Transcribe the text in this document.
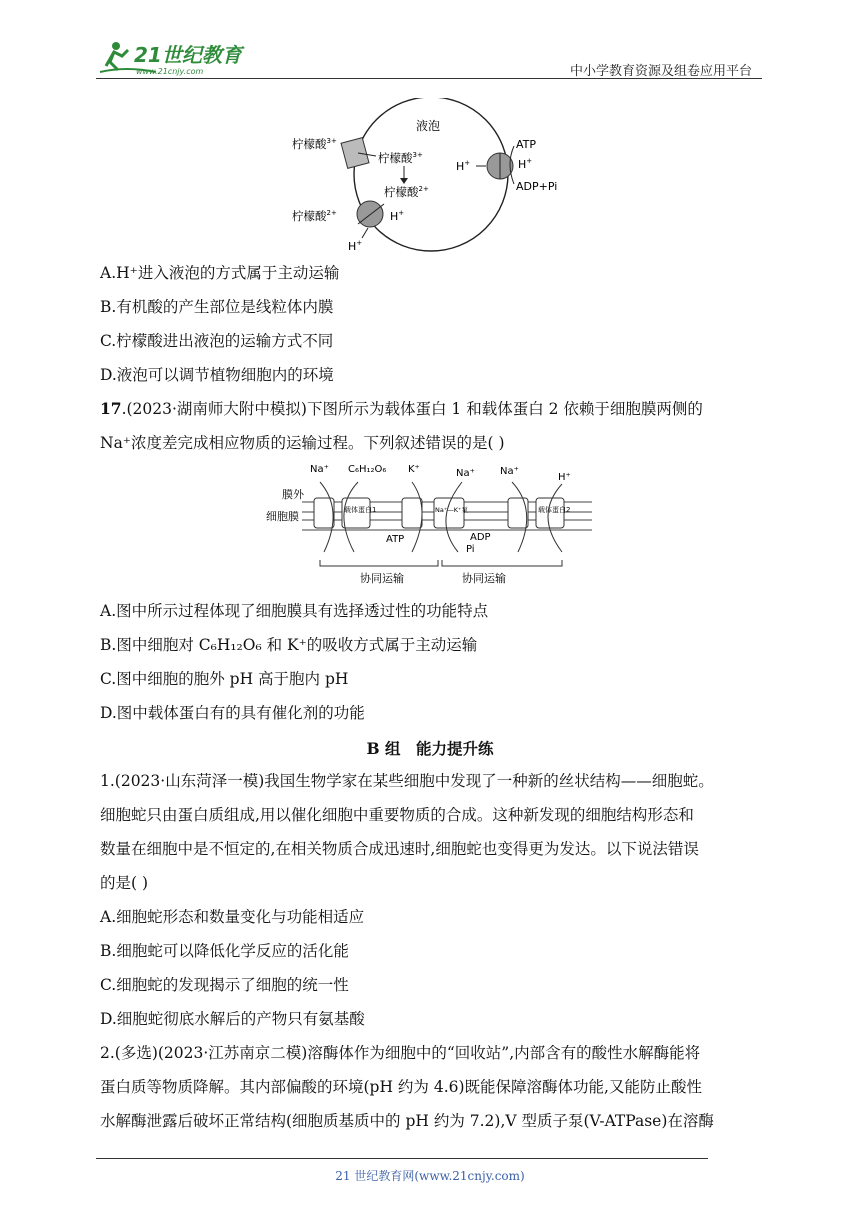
21世纪教育
www.21cnjy.com	中小学教育资源及组卷应用平台
液泡
柠檬酸$^{3+}$
柠檬酸$^{3+}$
柠檬酸$^{2+}$
柠檬酸$^{2+}$	H+
H+
H+
ATP
H+
ADP+Pi
A.H⁺进入液泡的方式属于主动运输
B.有机酸的产生部位是线粒体内膜
C.柠檬酸进出液泡的运输方式不同
D.液泡可以调节植物细胞内的环境
17.(2023·湖南师大附中模拟)下图所示为载体蛋白 1 和载体蛋白 2 依赖于细胞膜两侧的
Na⁺浓度差完成相应物质的运输过程。下列叙述错误的是( )
膜外
细胞膜	载体蛋白1	Na⁺—K⁺泵	载体蛋白2
Na⁺ C₆H₁₂O₆ K⁺	Na⁺	Na⁺
H⁺
ATP	ADP
Pi
协同运输	协同运输
A.图中所示过程体现了细胞膜具有选择透过性的功能特点
B.图中细胞对 C₆H₁₂O₆ 和 K⁺的吸收方式属于主动运输
C.图中细胞的胞外 pH 高于胞内 pH
D.图中载体蛋白有的具有催化剂的功能
B 组　能力提升练
1.(2023·山东菏泽一模)我国生物学家在某些细胞中发现了一种新的丝状结构——细胞蛇。
细胞蛇只由蛋白质组成,用以催化细胞中重要物质的合成。这种新发现的细胞结构形态和
数量在细胞中是不恒定的,在相关物质合成迅速时,细胞蛇也变得更为发达。以下说法错误
的是( )
A.细胞蛇形态和数量变化与功能相适应
B.细胞蛇可以降低化学反应的活化能
C.细胞蛇的发现揭示了细胞的统一性
D.细胞蛇彻底水解后的产物只有氨基酸
2.(多选)(2023·江苏南京二模)溶酶体作为细胞中的“回收站”,内部含有的酸性水解酶能将
蛋白质等物质降解。其内部偏酸的环境(pH 约为 4.6)既能保障溶酶体功能,又能防止酸性
水解酶泄露后破坏正常结构(细胞质基质中的 pH 约为 7.2),V 型质子泵(V-ATPase)在溶酶
21 世纪教育网(www.21cnjy.com)
